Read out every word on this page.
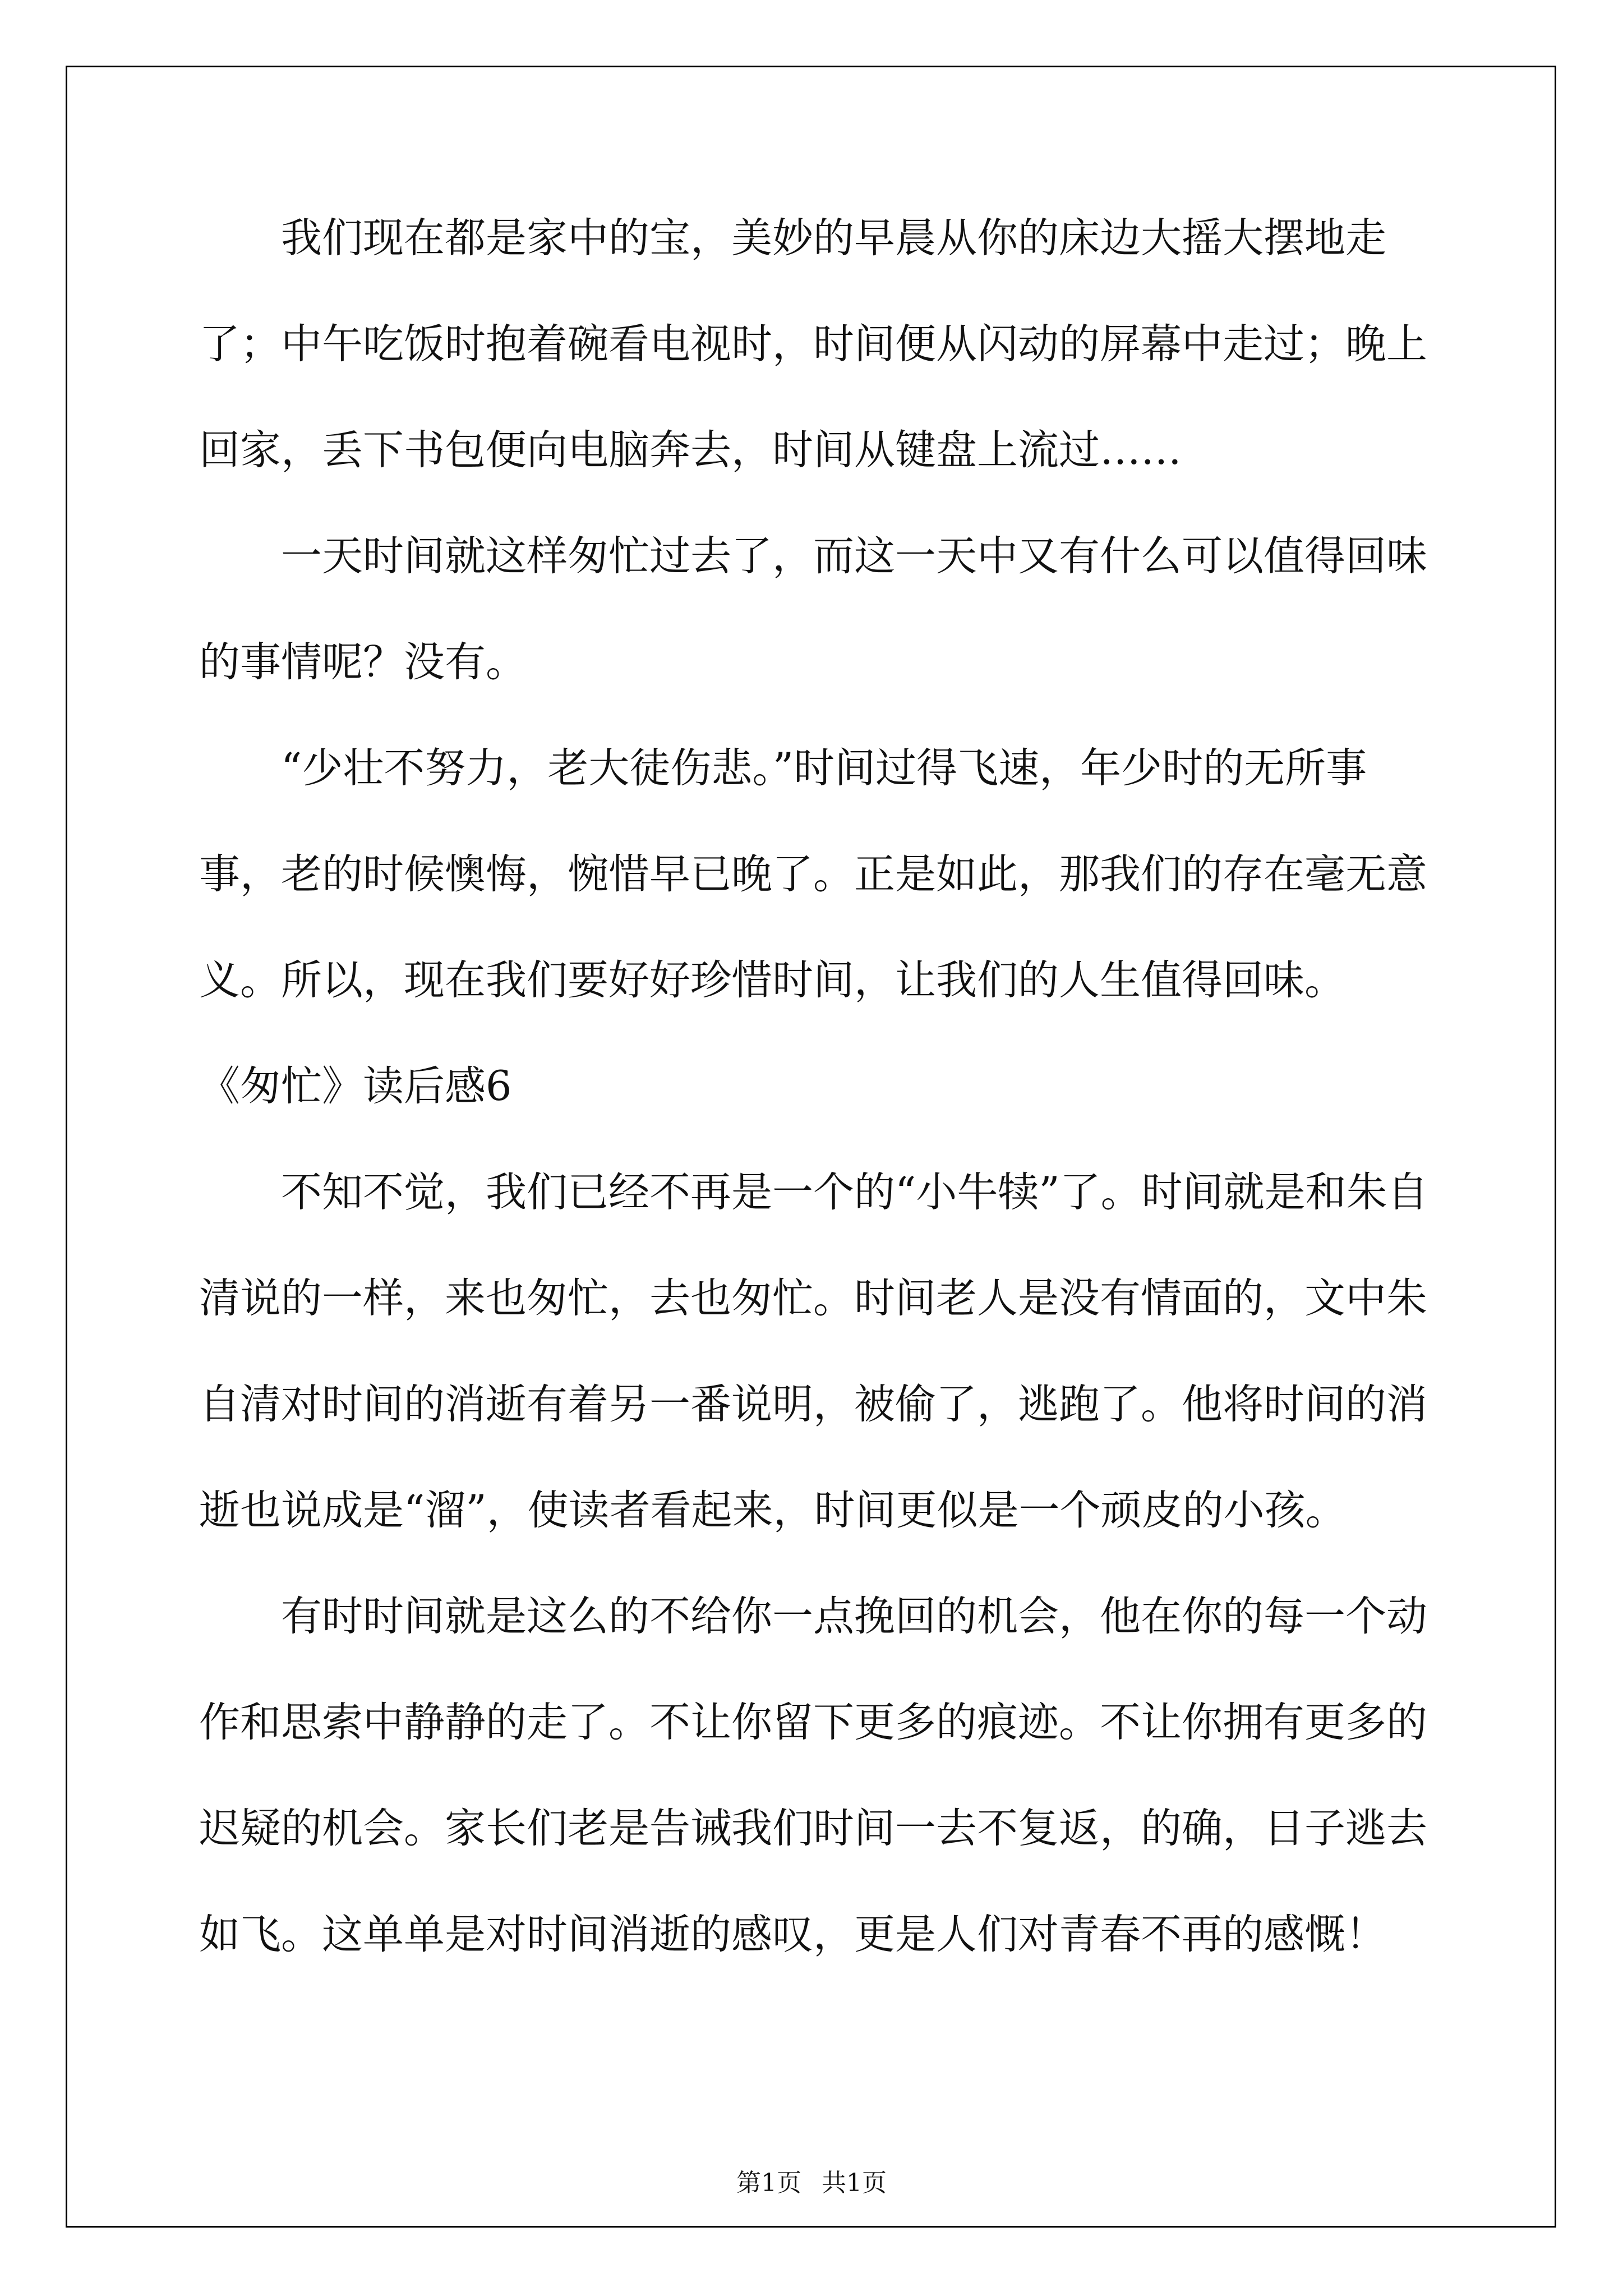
我们现在都是家中的宝，美妙的早晨从你的床边大摇大摆地走了；中午吃饭时抱着碗看电视时，时间便从闪动的屏幕中走过；晚上回家，丢下书包便向电脑奔去，时间从键盘上流过……

一天时间就这样匆忙过去了，而这一天中又有什么可以值得回味的事情呢？没有。

“少壮不努力，老大徒伤悲。”时间过得飞速，年少时的无所事事，老的时候懊悔，惋惜早已晚了。正是如此，那我们的存在毫无意义。所以，现在我们要好好珍惜时间，让我们的人生值得回味。

《匆忙》读后感6

不知不觉，我们已经不再是一个的“小牛犊”了。时间就是和朱自清说的一样，来也匆忙，去也匆忙。时间老人是没有情面的，文中朱自清对时间的消逝有着另一番说明，被偷了，逃跑了。他将时间的消逝也说成是“溜”，使读者看起来，时间更似是一个顽皮的小孩。

有时时间就是这么的不给你一点挽回的机会，他在你的每一个动作和思索中静静的走了。不让你留下更多的痕迹。不让你拥有更多的迟疑的机会。家长们老是告诫我们时间一去不复返，的确，日子逃去如飞。这单单是对时间消逝的感叹，更是人们对青春不再的感慨！

第1页 共1页
